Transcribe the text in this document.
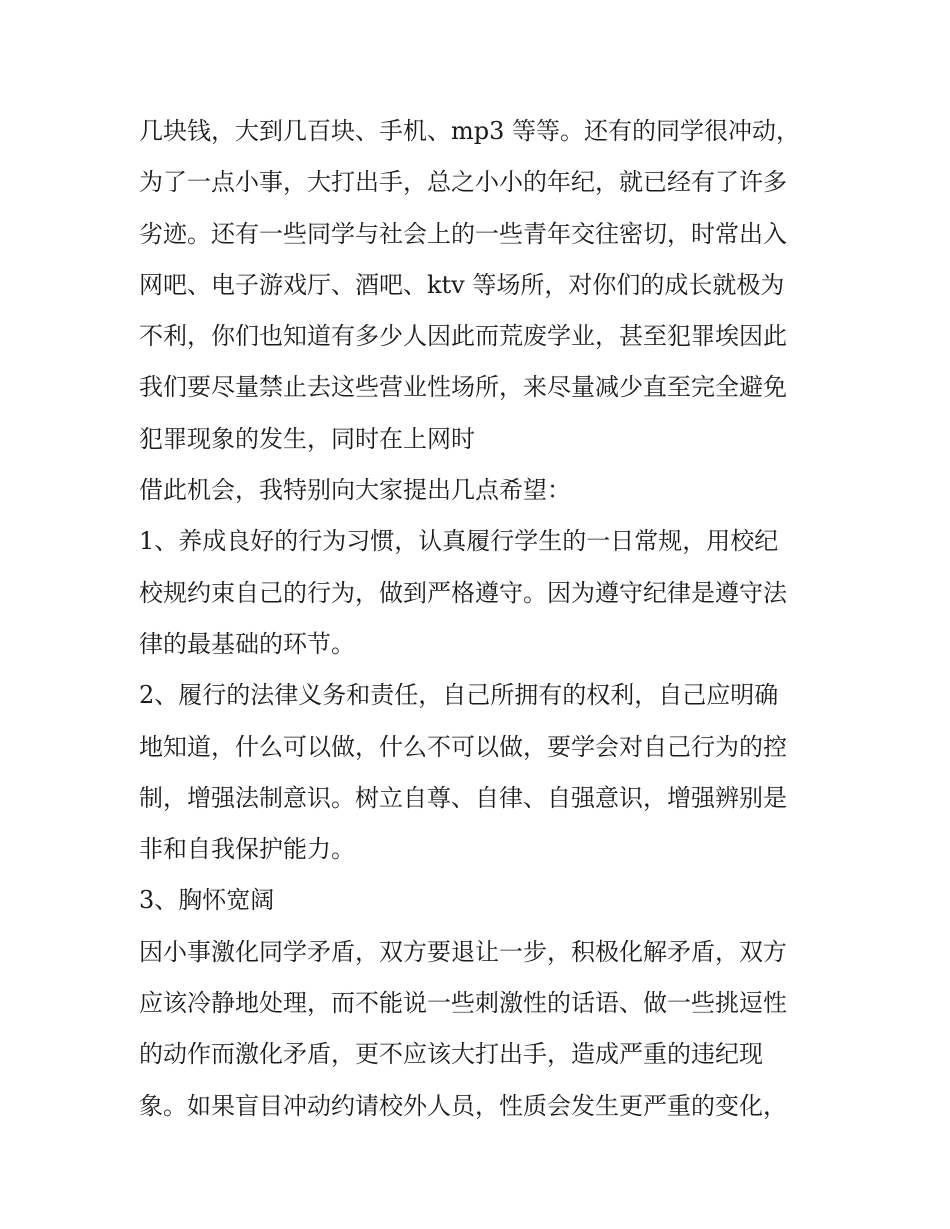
几块钱，大到几百块、手机、mp3 等等。还有的同学很冲动，
为了一点小事，大打出手，总之小小的年纪，就已经有了许多
劣迹。还有一些同学与社会上的一些青年交往密切，时常出入
网吧、电子游戏厅、酒吧、ktv 等场所，对你们的成长就极为
不利，你们也知道有多少人因此而荒废学业，甚至犯罪埃因此
我们要尽量禁止去这些营业性场所，来尽量减少直至完全避免
犯罪现象的发生，同时在上网时
借此机会，我特别向大家提出几点希望：
1、养成良好的行为习惯，认真履行学生的一日常规，用校纪
校规约束自己的行为，做到严格遵守。因为遵守纪律是遵守法
律的最基础的环节。
2、履行的法律义务和责任，自己所拥有的权利，自己应明确
地知道，什么可以做，什么不可以做，要学会对自己行为的控
制，增强法制意识。树立自尊、自律、自强意识，增强辨别是
非和自我保护能力。
3、胸怀宽阔
因小事激化同学矛盾，双方要退让一步，积极化解矛盾，双方
应该冷静地处理，而不能说一些刺激性的话语、做一些挑逗性
的动作而激化矛盾，更不应该大打出手，造成严重的违纪现
象。如果盲目冲动约请校外人员，性质会发生更严重的变化，
